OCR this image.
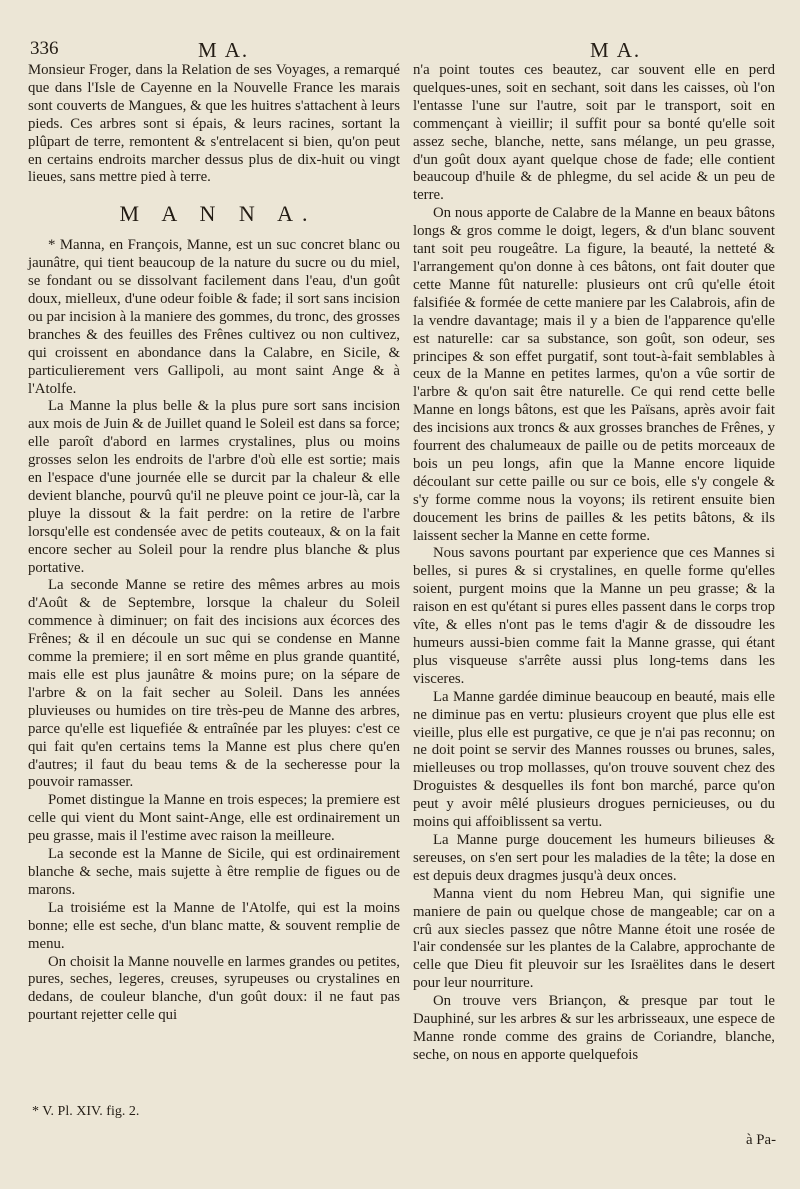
336	M A.	M A.

Monsieur Froger, dans la Relation de ses Voyages, a remarqué que dans l'Isle de Cayenne en la Nouvelle France les marais sont couverts de Mangues, & que les huitres s'attachent à leurs pieds. Ces arbres sont si épais, & leurs racines, sortant la plûpart de terre, remontent & s'entrelacent si bien, qu'on peut en certains endroits marcher dessus plus de dix-huit ou vingt lieues, sans mettre pied à terre.

M A N N A.

* Manna, en François, Manne, est un suc concret blanc ou jaunâtre, qui tient beaucoup de la nature du sucre ou du miel, se fondant ou se dissolvant facilement dans l'eau, d'un goût doux, mielleux, d'une odeur foible & fade; il sort sans incision ou par incision à la maniere des gommes, du tronc, des grosses branches & des feuilles des Frênes cultivez ou non cultivez, qui croissent en abondance dans la Calabre, en Sicile, & particulierement vers Gallipoli, au mont saint Ange & à l'Atolfe.

La Manne la plus belle & la plus pure sort sans incision aux mois de Juin & de Juillet quand le Soleil est dans sa force; elle paroît d'abord en larmes crystalines, plus ou moins grosses selon les endroits de l'arbre d'où elle est sortie; mais en l'espace d'une journée elle se durcit par la chaleur & elle devient blanche, pourvû qu'il ne pleuve point ce jour-là, car la pluye la dissout & la fait perdre: on la retire de l'arbre lorsqu'elle est condensée avec de petits couteaux, & on la fait encore secher au Soleil pour la rendre plus blanche & plus portative.

La seconde Manne se retire des mêmes arbres au mois d'Août & de Septembre, lorsque la chaleur du Soleil commence à diminuer; on fait des incisions aux écorces des Frênes; & il en découle un suc qui se condense en Manne comme la premiere; il en sort même en plus grande quantité, mais elle est plus jaunâtre & moins pure; on la sépare de l'arbre & on la fait secher au Soleil. Dans les années pluvieuses ou humides on tire très-peu de Manne des arbres, parce qu'elle est liquefiée & entraînée par les pluyes: c'est ce qui fait qu'en certains tems la Manne est plus chere qu'en d'autres; il faut du beau tems & de la secheresse pour la pouvoir ramasser.

Pomet distingue la Manne en trois especes; la premiere est celle qui vient du Mont saint-Ange, elle est ordinairement un peu grasse, mais il l'estime avec raison la meilleure.

La seconde est la Manne de Sicile, qui est ordinairement blanche & seche, mais sujette à être remplie de figues ou de marons.

La troisiéme est la Manne de l'Atolfe, qui est la moins bonne; elle est seche, d'un blanc matte, & souvent remplie de menu.

On choisit la Manne nouvelle en larmes grandes ou petites, pures, seches, legeres, creuses, syrupeuses ou crystalines en dedans, de couleur blanche, d'un goût doux: il ne faut pas pourtant rejetter celle qui

n'a point toutes ces beautez, car souvent elle en perd quelques-unes, soit en sechant, soit dans les caisses, où l'on l'entasse l'une sur l'autre, soit par le transport, soit en commençant à vieillir; il suffit pour sa bonté qu'elle soit assez seche, blanche, nette, sans mélange, un peu grasse, d'un goût doux ayant quelque chose de fade; elle contient beaucoup d'huile & de phlegme, du sel acide & un peu de terre.

On nous apporte de Calabre de la Manne en beaux bâtons longs & gros comme le doigt, legers, & d'un blanc souvent tant soit peu rougeâtre. La figure, la beauté, la netteté & l'arrangement qu'on donne à ces bâtons, ont fait douter que cette Manne fût naturelle: plusieurs ont crû qu'elle étoit falsifiée & formée de cette maniere par les Calabrois, afin de la vendre davantage; mais il y a bien de l'apparence qu'elle est naturelle: car sa substance, son goût, son odeur, ses principes & son effet purgatif, sont tout-à-fait semblables à ceux de la Manne en petites larmes, qu'on a vûe sortir de l'arbre & qu'on sait être naturelle. Ce qui rend cette belle Manne en longs bâtons, est que les Païsans, après avoir fait des incisions aux troncs & aux grosses branches de Frênes, y fourrent des chalumeaux de paille ou de petits morceaux de bois un peu longs, afin que la Manne encore liquide découlant sur cette paille ou sur ce bois, elle s'y congele & s'y forme comme nous la voyons; ils retirent ensuite bien doucement les brins de pailles & les petits bâtons, & ils laissent secher la Manne en cette forme.

Nous savons pourtant par experience que ces Mannes si belles, si pures & si crystalines, en quelle forme qu'elles soient, purgent moins que la Manne un peu grasse; & la raison en est qu'étant si pures elles passent dans le corps trop vîte, & elles n'ont pas le tems d'agir & de dissoudre les humeurs aussi-bien comme fait la Manne grasse, qui étant plus visqueuse s'arrête aussi plus long-tems dans les visceres.

La Manne gardée diminue beaucoup en beauté, mais elle ne diminue pas en vertu: plusieurs croyent que plus elle est vieille, plus elle est purgative, ce que je n'ai pas reconnu; on ne doit point se servir des Mannes rousses ou brunes, sales, mielleuses ou trop mollasses, qu'on trouve souvent chez des Droguistes & desquelles ils font bon marché, parce qu'on peut y avoir mêlé plusieurs drogues pernicieuses, ou du moins qui affoiblissent sa vertu.

La Manne purge doucement les humeurs bilieuses & sereuses, on s'en sert pour les maladies de la tête; la dose en est depuis deux dragmes jusqu'à deux onces.

Manna vient du nom Hebreu Man, qui signifie une maniere de pain ou quelque chose de mangeable; car on a crû aux siecles passez que nôtre Manne étoit une rosée de l'air condensée sur les plantes de la Calabre, approchante de celle que Dieu fit pleuvoir sur les Israëlites dans le desert pour leur nourriture.

On trouve vers Briançon, & presque par tout le Dauphiné, sur les arbres & sur les arbrisseaux, une espece de Manne ronde comme des grains de Coriandre, blanche, seche, on nous en apporte quelquefois

* V. Pl. XIV. fig. 2.
à Pa-
